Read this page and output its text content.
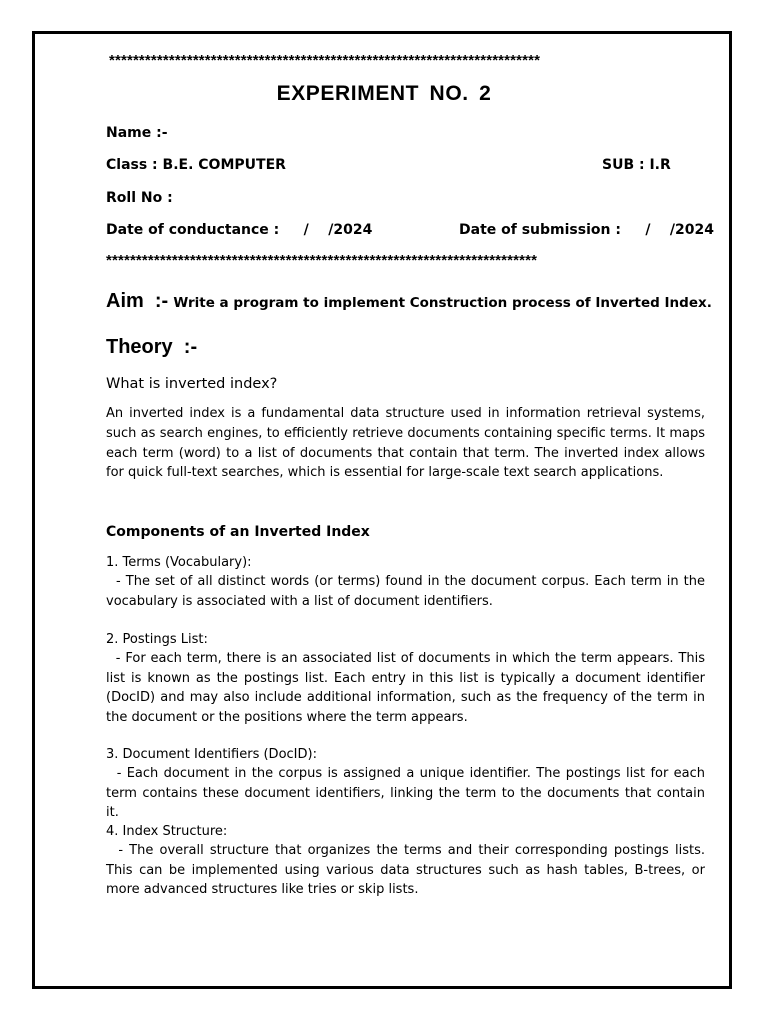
************************************************************************
EXPERIMENT NO. 2
Name :-
Class : B.E. COMPUTER	SUB : I.R
Roll No :
Date of conductance :     /    /2024	Date of submission :     /    /2024
************************************************************************
Aim  :- Write a program to implement Construction process of Inverted Index.
Theory  :-
What is inverted index?
An inverted index is a fundamental data structure used in information retrieval systems, such as search engines, to efficiently retrieve documents containing specific terms. It maps each term (word) to a list of documents that contain that term. The inverted index allows for quick full-text searches, which is essential for large-scale text search applications.
Components of an Inverted Index
1. Terms (Vocabulary):
- The set of all distinct words (or terms) found in the document corpus. Each term in the vocabulary is associated with a list of document identifiers.
2. Postings List:
- For each term, there is an associated list of documents in which the term appears. This list is known as the postings list. Each entry in this list is typically a document identifier (DocID) and may also include additional information, such as the frequency of the term in the document or the positions where the term appears.
3. Document Identifiers (DocID):
- Each document in the corpus is assigned a unique identifier. The postings list for each term contains these document identifiers, linking the term to the documents that contain it.
4. Index Structure:
- The overall structure that organizes the terms and their corresponding postings lists. This can be implemented using various data structures such as hash tables, B-trees, or more advanced structures like tries or skip lists.
